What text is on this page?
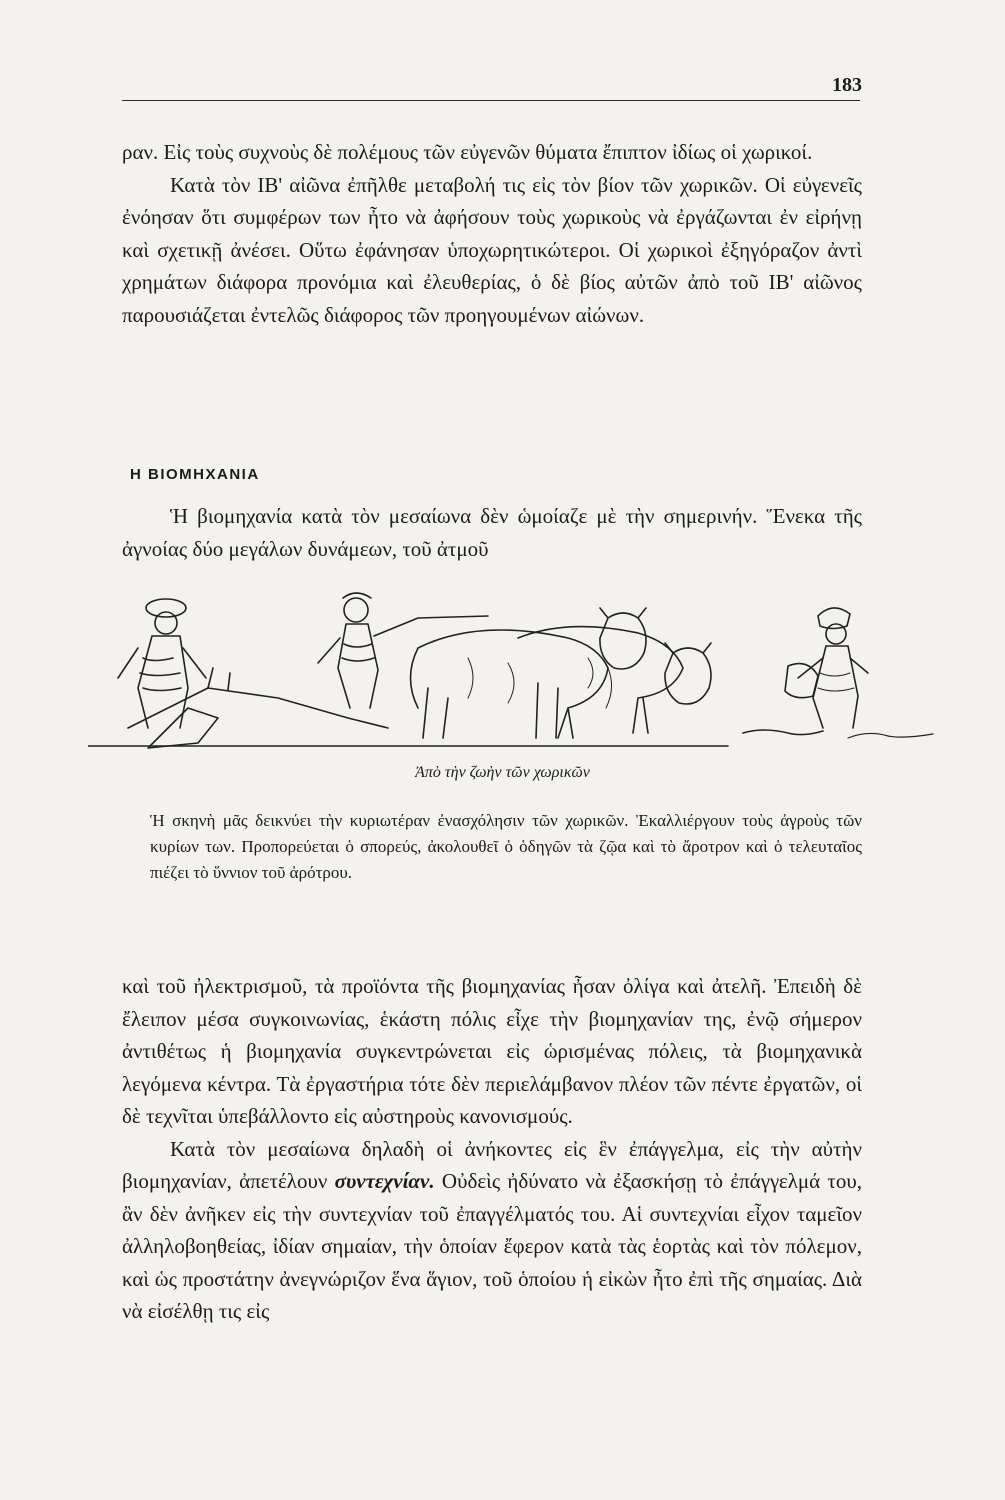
183

ραν. Εἰς τοὺς συχνοὺς δὲ πολέμους τῶν εὐγενῶν θύματα ἔπιπτον ἰδίως οἱ χωρικοί.

Κατὰ τὸν ΙΒ' αἰῶνα ἐπῆλθε μεταβολή τις εἰς τὸν βίον τῶν χωρικῶν. Οἱ εὐγενεῖς ἐνόησαν ὅτι συμφέρων των ἦτο νὰ ἀφήσουν τοὺς χωρικοὺς νὰ ἐργάζωνται ἐν εἰρήνῃ καὶ σχετικῇ ἀνέσει. Οὕτω ἐφάνησαν ὑποχωρητικώτεροι. Οἱ χωρικοὶ ἐξηγόραζον ἀντὶ χρημάτων διάφορα προνόμια καὶ ἐλευθερίας, ὁ δὲ βίος αὐτῶν ἀπὸ τοῦ ΙΒ' αἰῶνος παρουσιάζεται ἐντελῶς διάφορος τῶν προηγουμένων αἰώνων.

Η ΒΙΟΜΗΧΑΝΙΑ

Ἡ βιομηχανία κατὰ τὸν μεσαίωνα δὲν ὡμοίαζε μὲ τὴν σημερινήν. Ἕνεκα τῆς ἀγνοίας δύο μεγάλων δυνάμεων, τοῦ ἀτμοῦ

Ἀπὸ τὴν ζωὴν τῶν χωρικῶν

Ἡ σκηνὴ μᾶς δεικνύει τὴν κυριωτέραν ἐνασχόλησιν τῶν χωρικῶν. Ἐκαλλιέργουν τοὺς ἀγροὺς τῶν κυρίων των. Προπορεύεται ὁ σπορεύς, ἀκολουθεῖ ὁ ὁδηγῶν τὰ ζῷα καὶ τὸ ἄροτρον καὶ ὁ τελευταῖος πιέζει τὸ ὕννιον τοῦ ἀρότρου.

καὶ τοῦ ἠλεκτρισμοῦ, τὰ προϊόντα τῆς βιομηχανίας ἦσαν ὀλίγα καὶ ἀτελῆ. Ἐπειδὴ δὲ ἔλειπον μέσα συγκοινωνίας, ἑκάστη πόλις εἶχε τὴν βιομηχανίαν της, ἐνῷ σήμερον ἀντιθέτως ἡ βιομηχανία συγκεντρώνεται εἰς ὡρισμένας πόλεις, τὰ βιομηχανικὰ λεγόμενα κέντρα. Τὰ ἐργαστήρια τότε δὲν περιελάμβανον πλέον τῶν πέντε ἐργατῶν, οἱ δὲ τεχνῖται ὑπεβάλλοντο εἰς αὐστηροὺς κανονισμούς.

Κατὰ τὸν μεσαίωνα δηλαδὴ οἱ ἀνήκοντες εἰς ἓν ἐπάγγελμα, εἰς τὴν αὐτὴν βιομηχανίαν, ἀπετέλουν συντεχνίαν. Οὐδεὶς ἠδύνατο νὰ ἐξασκήσῃ τὸ ἐπάγγελμά του, ἂν δὲν ἀνῆκεν εἰς τὴν συντεχνίαν τοῦ ἐπαγγέλματός του. Αἱ συντεχνίαι εἶχον ταμεῖον ἀλληλοβοηθείας, ἰδίαν σημαίαν, τὴν ὁποίαν ἔφερον κατὰ τὰς ἑορτὰς καὶ τὸν πόλεμον, καὶ ὡς προστάτην ἀνεγνώριζον ἕνα ἅγιον, τοῦ ὁποίου ἡ εἰκὼν ἦτο ἐπὶ τῆς σημαίας. Διὰ νὰ εἰσέλθῃ τις εἰς
